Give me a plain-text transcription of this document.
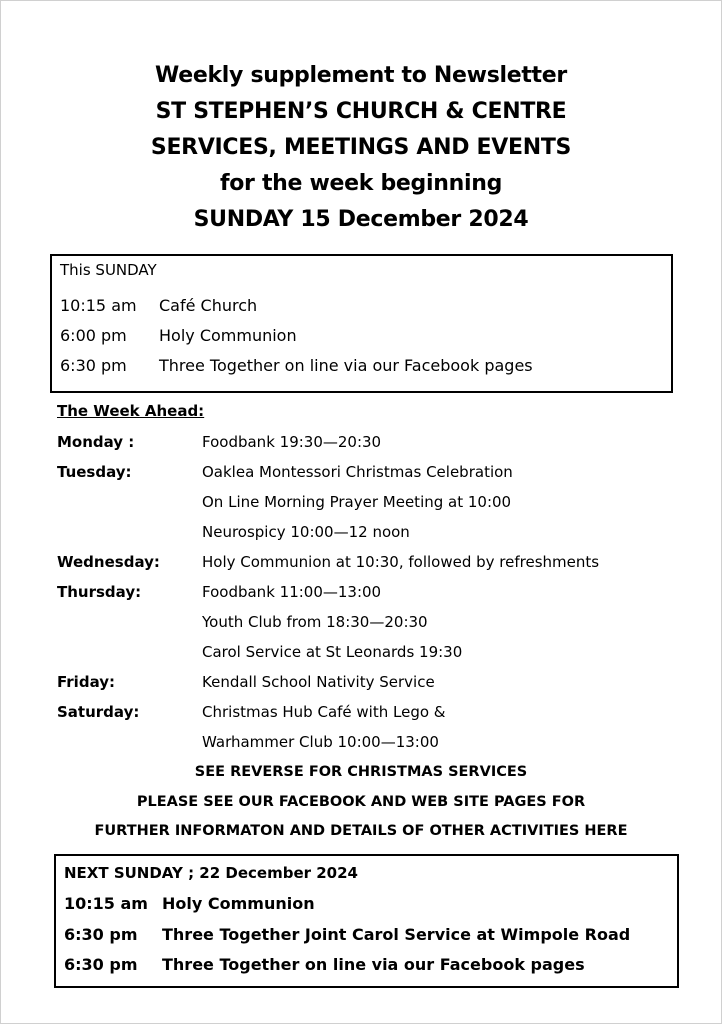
Weekly supplement to Newsletter
ST STEPHEN’S CHURCH & CENTRE
SERVICES, MEETINGS AND EVENTS
for the week beginning
SUNDAY 15 December 2024
This SUNDAY
10:15 am Café Church
6:00 pm Holy Communion
6:30 pm Three Together on line via our Facebook pages
The Week Ahead:
Monday :	Foodbank 19:30—20:30
Tuesday:	Oaklea Montessori Christmas Celebration
On Line Morning Prayer Meeting at 10:00
Neurospicy 10:00—12 noon
Wednesday:	Holy Communion at 10:30, followed by refreshments
Thursday:	Foodbank 11:00—13:00
Youth Club from 18:30—20:30
Carol Service at St Leonards 19:30
Friday:	Kendall School Nativity Service
Saturday:	Christmas Hub Café with Lego &
Warhammer Club 10:00—13:00
SEE REVERSE FOR CHRISTMAS SERVICES
PLEASE SEE OUR FACEBOOK AND WEB SITE PAGES FOR
FURTHER INFORMATON AND DETAILS OF OTHER ACTIVITIES HERE
NEXT SUNDAY ; 22 December 2024
10:15 am Holy Communion
6:30 pm Three Together Joint Carol Service at Wimpole Road
6:30 pm Three Together on line via our Facebook pages
